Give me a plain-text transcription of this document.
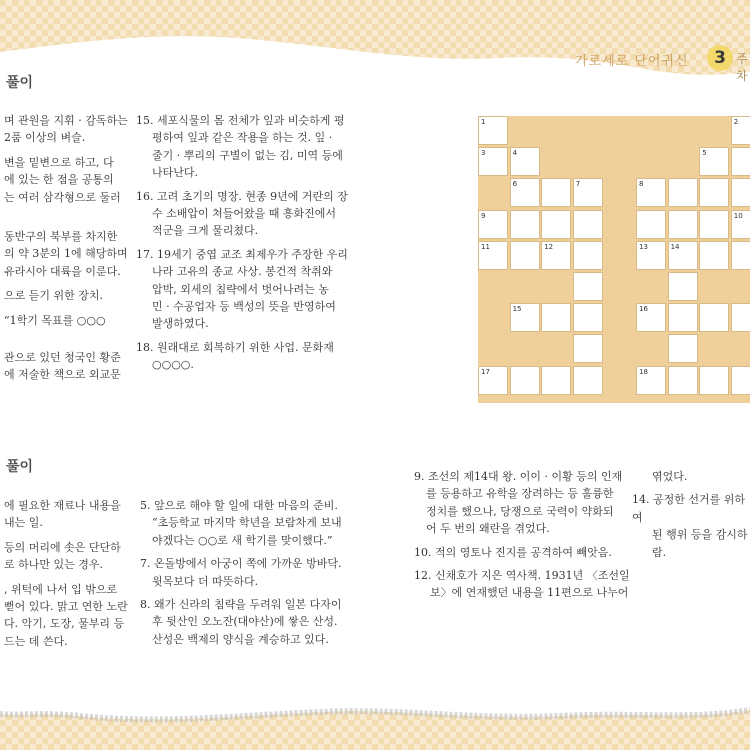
가로세로 단어귀신	3 주차
풀이
풀이
며 관원을 지휘 · 감독하는
2품 이상의 벼슬.
변을 밑변으로 하고, 다
에 있는 한 점을 공통의
는 여러 삼각형으로 둘러
동반구의 북부를 차지한
의 약 3분의 1에 해당하며
유라시아 대륙을 이룬다.
으로 듣기 위한 장치.
“1학기 목표를 ○○○
관으로 있던 청국인 황준
에 저술한 책으로 외교문
15. 세포식물의 몸 전체가 잎과 비슷하게 평
평하여 잎과 같은 작용을 하는 것. 잎 ·
줄기 · 뿌리의 구별이 없는 김, 미역 등에
나타난다.
16. 고려 초기의 명장. 현종 9년에 거란의 장
수 소배압이 쳐들어왔을 때 흥화진에서
적군을 크게 물리쳤다.
17. 19세기 중엽 교조 최제우가 주장한 우리
나라 고유의 종교 사상. 봉건적 착취와
압박, 외세의 침략에서 벗어나려는 농
민 · 수공업자 등 백성의 뜻을 반영하여
발생하였다.
18. 원래대로 회복하기 위한 사업. 문화재
○○○○.
1
3	4	5
6	7	8
9	10
11	12	13	14
15	16
17	18
2
에 필요한 재료나 내용을
내는 일.
등의 머리에 솟은 단단하
로 하나만 있는 경우.
, 위턱에 나서 입 밖으로
뻗어 있다. 맑고 연한 노란
다. 악기, 도장, 물부리 등
드는 데 쓴다.
5. 앞으로 해야 할 일에 대한 마음의 준비.
“초등학교 마지막 학년을 보람차게 보내
야겠다는 ○○로 새 학기를 맞이했다.”
7. 온돌방에서 아궁이 쪽에 가까운 방바닥.
윗목보다 더 따뜻하다.
8. 왜가 신라의 침략을 두려워 일본 다자이
후 뒷산인 오노잔(대야산)에 쌓은 산성.
산성은 백제의 양식을 계승하고 있다.
9. 조선의 제14대 왕. 이이 · 이황 등의 인재
를 등용하고 유학을 장려하는 등 훌륭한
정치를 했으나, 당쟁으로 국력이 약화되
어 두 번의 왜란을 겪었다.
10. 적의 영토나 진지를 공격하여 빼앗음.
12. 신채호가 지은 역사책. 1931년 〈조선일
보〉에 연재했던 내용을 11편으로 나누어
엮었다.
14. 공정한 선거를 위하여
된 행위 등을 감시하
람.
